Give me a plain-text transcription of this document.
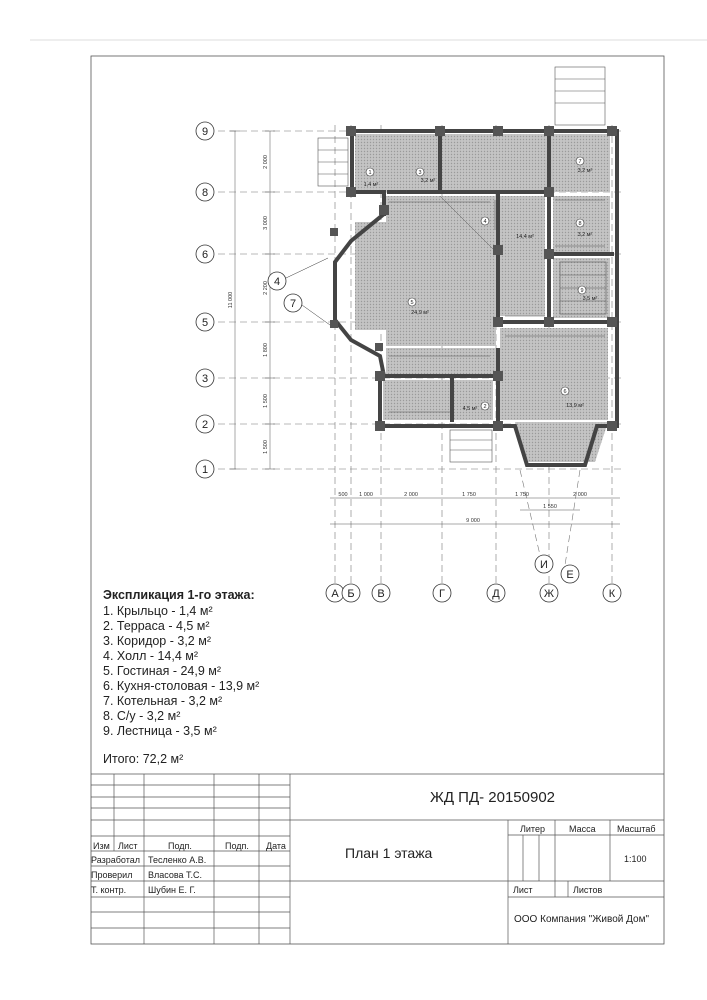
9
8
6
5
3
2
1
А Б В	Г	Д	Ж	К
И
Е
4
7
2 000
3 000
2 200
1 800
1 500
1 500
11 000
500 1 000	2 000	1 750	1 750	2 000
9 000
1 550
1
1,4 м²
3
3,2 м²
5
24,9 м²
4
14,4 м²
2
4,5 м²
6
13,9 м²
7
3,2 м²
8
3,2 м²
9
3,5 м²
Экспликация 1-го этажа:
1. Крыльцо - 1,4 м²
2. Терраса - 4,5 м²
3. Коридор - 3,2 м²
4. Холл - 14,4 м²
5. Гостиная - 24,9 м²
6. Кухня-столовая - 13,9 м²
7. Котельная - 3,2 м²
8. С/у - 3,2 м²
9. Лестница - 3,5 м²
Итого: 72,2 м²
ЖД ПД- 20150902
План 1 этажа
Изм Лист	Подп.	Подп. Дата
Разработал Тесленко А.В.
Проверил Власова Т.С.
Т. контр. Шубин Е. Г.
Литер	Масса Масштаб
1:100
Лист	Листов
ООО Компания "Живой Дом"
